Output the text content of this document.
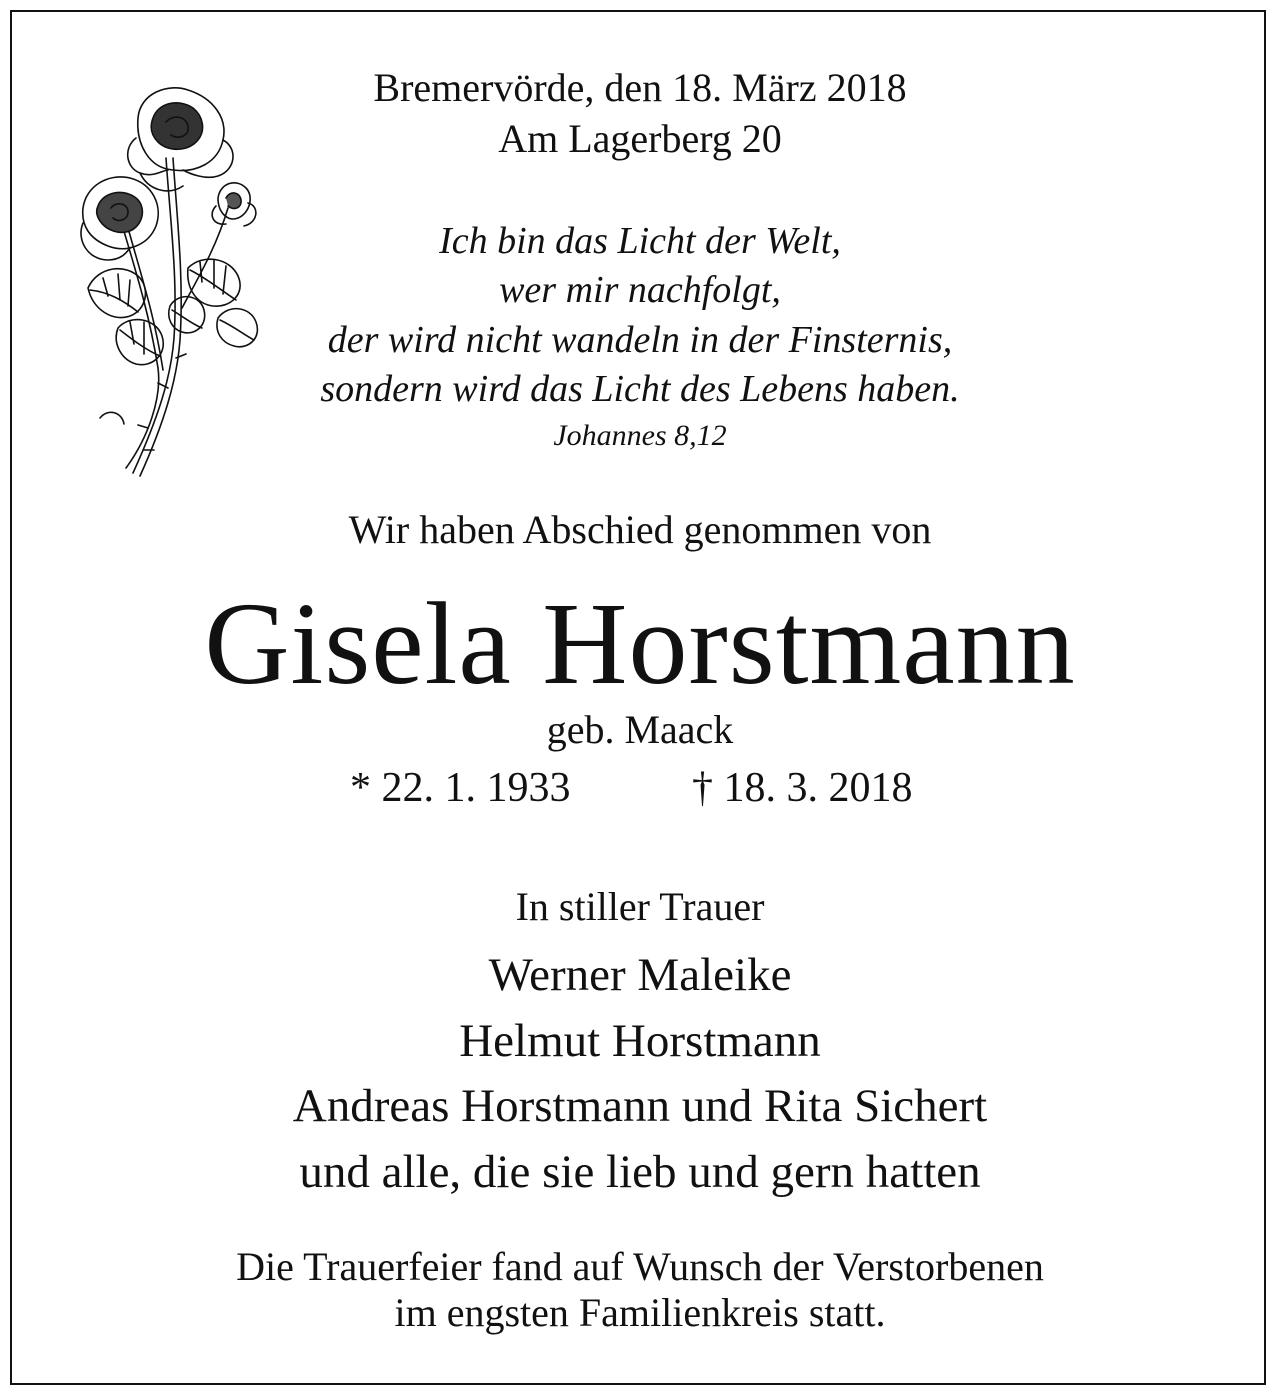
Bremervörde, den 18. März 2018
Am Lagerberg 20
Ich bin das Licht der Welt,
wer mir nachfolgt,
der wird nicht wandeln in der Finsternis,
sondern wird das Licht des Lebens haben.
Johannes 8,12
Wir haben Abschied genommen von
Gisela Horstmann
geb. Maack
* 22. 1. 1933	† 18. 3. 2018
In stiller Trauer
Werner Maleike
Helmut Horstmann
Andreas Horstmann und Rita Sichert
und alle, die sie lieb und gern hatten
Die Trauerfeier fand auf Wunsch der Verstorbenen
im engsten Familienkreis statt.
